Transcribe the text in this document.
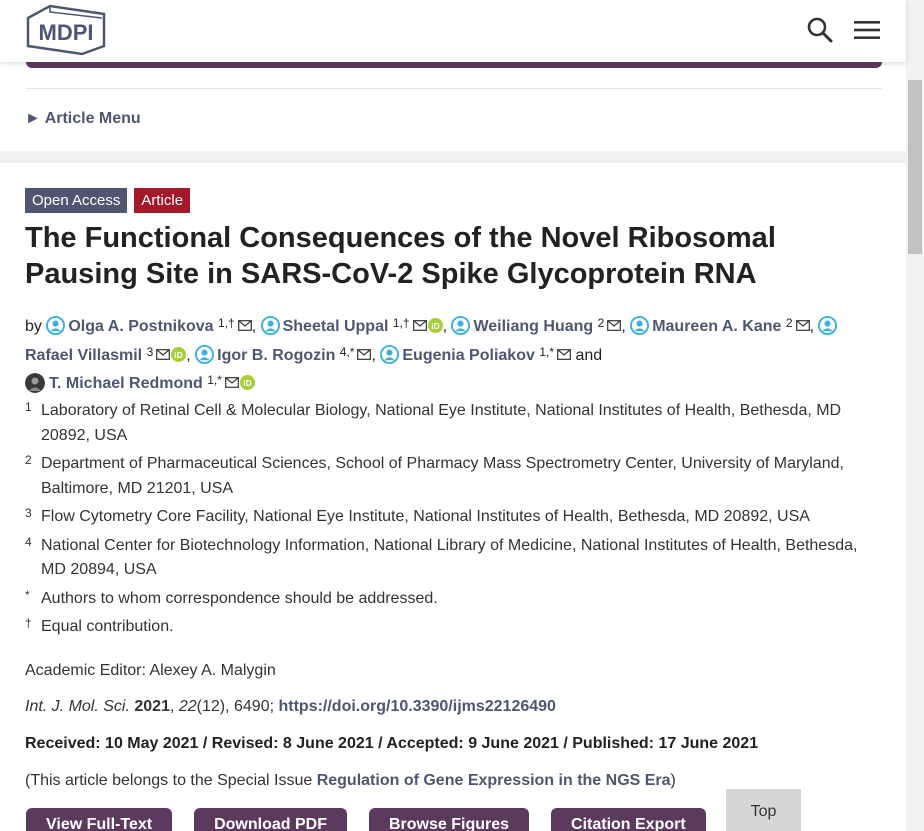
MDPI
► Article Menu
Open Access	Article
The Functional Consequences of the Novel Ribosomal Pausing Site in SARS-CoV-2 Spike Glycoprotein RNA
by Olga A. Postnikova $^{1,\dagger}$ , Sheetal Uppal $^{1,\dagger}$ iD , Weiliang Huang $^2$ , Maureen A. Kane $^2$ , Rafael Villasmil $^3$ iD , Igor B. Rogozin $^{4,*}$ , Eugenia Poliakov $^{1,*}$ and
T. Michael Redmond $^{1,*}$ iD
1 Laboratory of Retinal Cell & Molecular Biology, National Eye Institute, National Institutes of Health, Bethesda, MD 20892, USA
2 Department of Pharmaceutical Sciences, School of Pharmacy Mass Spectrometry Center, University of Maryland, Baltimore, MD 21201, USA
3 Flow Cytometry Core Facility, National Eye Institute, National Institutes of Health, Bethesda, MD 20892, USA
4 National Center for Biotechnology Information, National Library of Medicine, National Institutes of Health, Bethesda, MD 20894, USA
* Authors to whom correspondence should be addressed.
† Equal contribution.
Academic Editor: Alexey A. Malygin
Int. J. Mol. Sci. 2021, 22(12), 6490; https://doi.org/10.3390/ijms22126490
Received: 10 May 2021 / Revised: 8 June 2021 / Accepted: 9 June 2021 / Published: 17 June 2021
(This article belongs to the Special Issue Regulation of Gene Expression in the NGS Era)
View Full-Text	Download PDF	Browse Figures	Citation Export
Top
